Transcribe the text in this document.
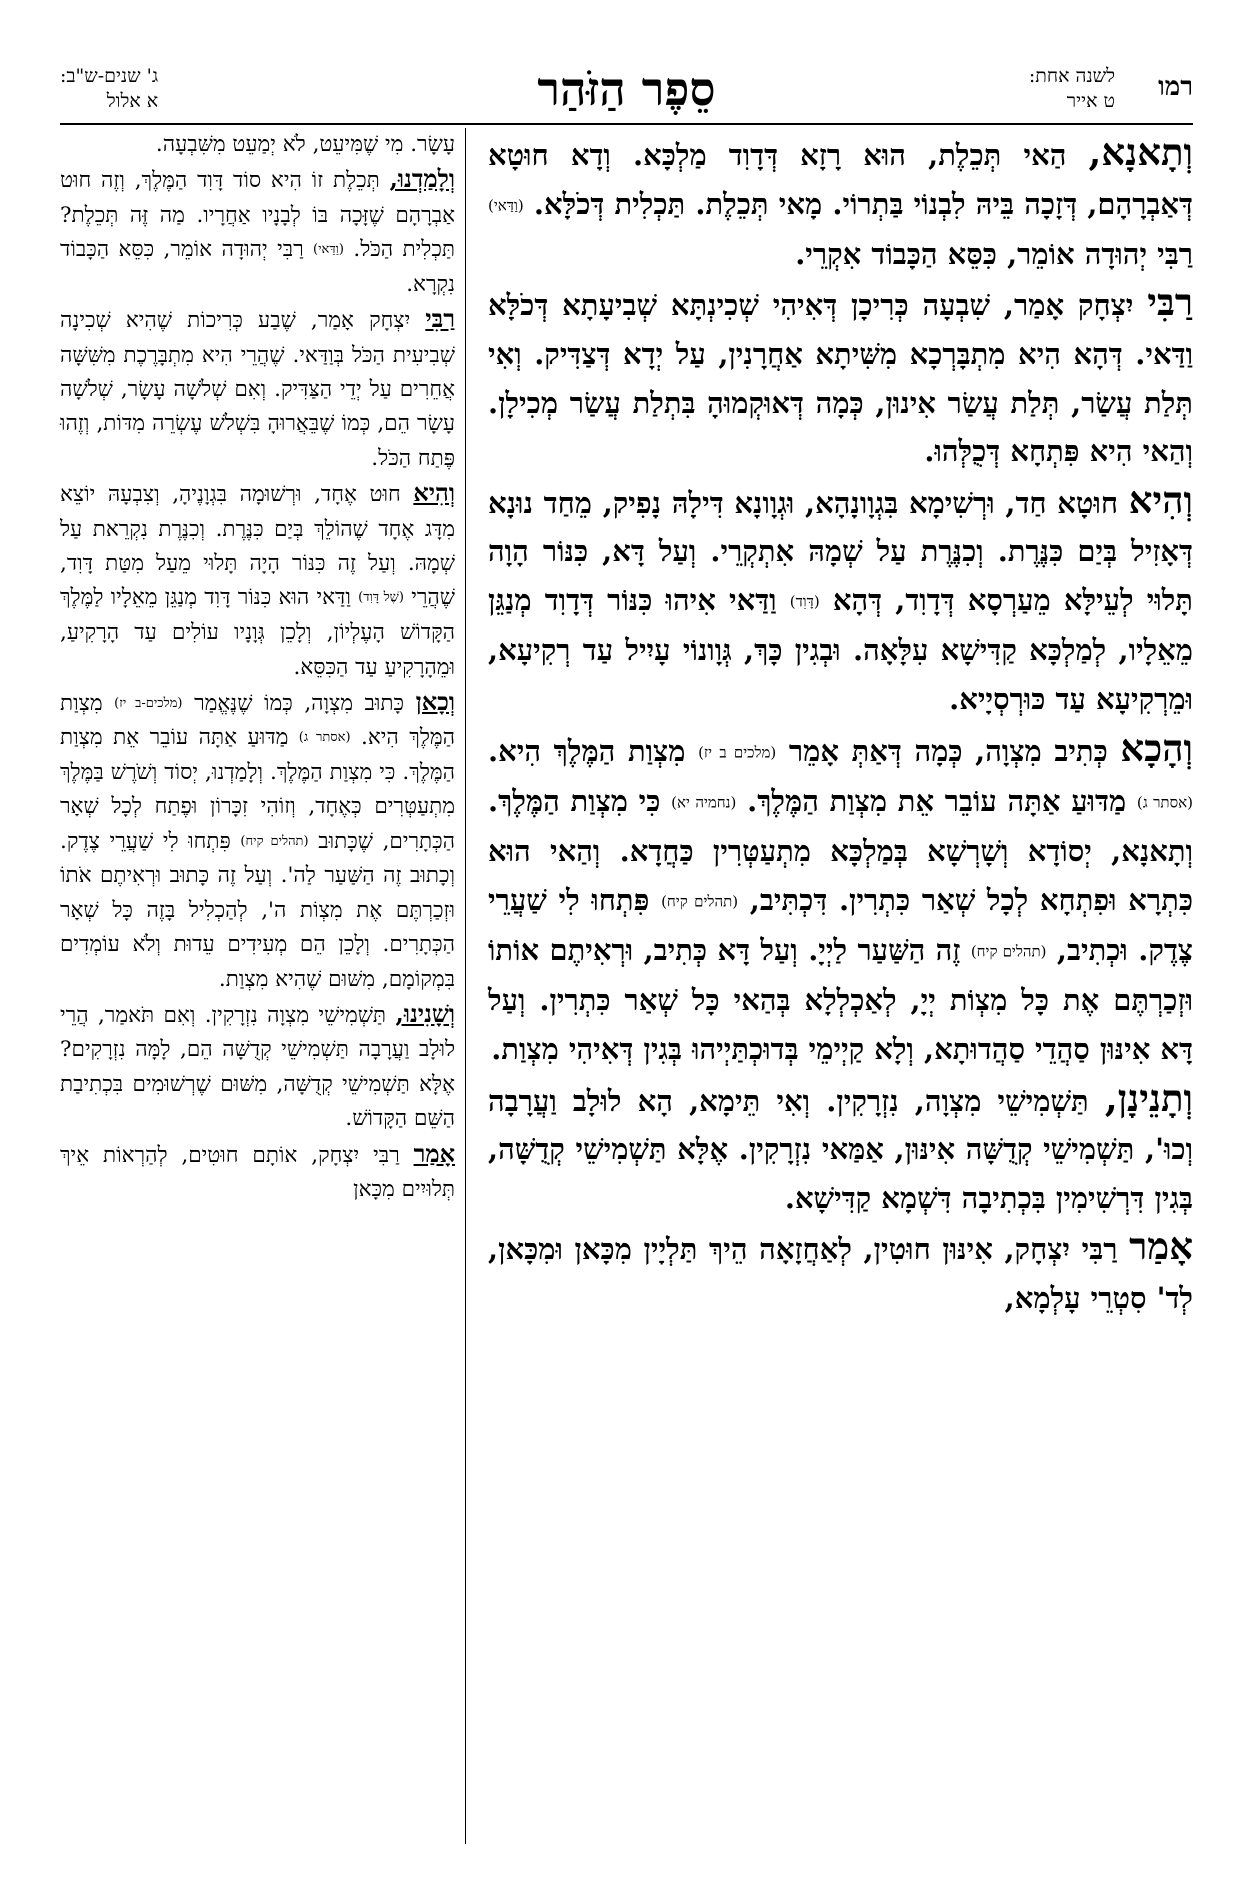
רמו
לשנה אחת:
ט אייר
סֵפֶר הַזֹּהַר
ג' שנים-ש"ב:
א אלול

וְתָאנָא, הַאי תְּכֵלֶת, הוּא רָזָא דְּדָוִד מַלְכָּא. וְדָא חוּטָא דְּאַבְרָהָם, דְּזָכָה בֵּיהּ לִבְנוֹי בַּתְרוֹי. מָאי תְּכֵלֶת. תַּכְלִית דְּכֹלָּא. (וַדַּאי) רַבִּי יְהוּדָה אוֹמֵר, כִּסֵּא הַכָּבוֹד אִקְרֵי.

רַבִּי יִצְחָק אָמַר, שִׁבְעָה כְּרִיכָן דְּאִיהִי שְׁכִינְתָּא שְׁבִיעָתָא דְּכֹלָּא וַדַּאי. דְּהָא הִיא מִתְבָּרְכָא מִשִּׁיתָא אַחֲרָנִין, עַל יְדָא דְּצַדִּיק. וְאִי תְּלַת עֲשַׂר, תְּלַת עֲשַׂר אִינוּן, כְּמָה דְּאוּקְמוּהָ בִּתְלַת עֲשַׂר מְכִילָן. וְהַאי הִיא פִּתְחָא דְּכֻלְּהוּ.

וְהִיא חוּטָא חַד, וּרְשִׁימָא בִּגְוָונָהָא, וּגְוָונָא דִּילָהּ נָפִיק, מֵחַד נוּנָא דְּאָזִיל בְּיַם כִּנֶּרֶת. וְכִנֶּרֶת עַל שְׁמָהּ אִתְקְרֵי. וְעַל דָּא, כִּנּוֹר הָוָה תָּלוּי לְעֵילָּא מֵעַרְסָא דְּדָוִד, דְּהָא (דָּוִד) וַדַּאי אִיהוּ כִּנּוֹר דְּדָוִד מְנַגֵּן מֵאֵלָיו, לְמַלְכָּא קַדִּישָׁא עִלָּאָה. וּבְגִין כָּךְ, גְּוָונוֹי עָיִיל עַד רְקִיעָא, וּמֵרְקִיעָא עַד כּוּרְסְיָיא.

וְהָכָא כְּתִיב מִצְוָה, כְּמָה דְּאַתְּ אָמֵר (מלכים ב יז) מִצְוַת הַמֶּלֶךְ הִיא. (אסתר ג) מַדּוּעַ אַתָּה עוֹבֵר אֵת מִצְוַת הַמֶּלֶךְ. (נחמיה יא) כִּי מִצְוַת הַמֶּלֶךְ. וְתָאנָא, יְסוֹדָא וְשָׁרְשָׁא בְּמַלְכָּא מִתְעַטְּרִין כַּחֲדָא. וְהַאי הוּא כִּתְרָא וּפִתְחָא לְכָל שְׁאַר כִּתְרִין. דִּכְתִּיב, (תהלים קיח) פִּתְחוּ לִי שַׁעֲרֵי צֶדֶק. וּכְתִיב, (תהלים קיח) זֶה הַשַּׁעַר לַיְיָ. וְעַל דָּא כְּתִיב, וּרְאִיתֶם אוֹתוֹ וּזְכַרְתֶּם אֶת כָּל מִצְוֹת יְיָ, לְאַכְלְלָא בְּהַאי כָּל שְׁאַר כִּתְרִין. וְעַל דָּא אִינּוּן סַהֲדֵי סַהֲדוּתָא, וְלָא קַיְימֵי בְּדוּכְתַּיְיהוּ בְּגִין דְּאִיהִי מִצְוַת.

וְתָנֵינָן, תַּשְׁמִישֵׁי מִצְוָה, נִזְרָקִין. וְאִי תֵּימָא, הָא לוּלָב וַעֲרָבָה וְכוּ', תַּשְׁמִישֵׁי קְדֻשָּׁה אִינּוּן, אַמַּאי נִזְרָקִין. אֶלָּא תַּשְׁמִישֵׁי קְדֻשָּׁה, בְּגִין דִּרְשִׁימִין בִּכְתִיבָה דִּשְׁמָא קַדִּישָׁא.

אָמַר רַבִּי יִצְחָק, אִינּוּן חוּטִין, לְאַחֲזָאָה הֵיךְ תַּלְיָין מִכָּאן וּמִכָּאן, לְד' סִטְרֵי עָלְמָא,

עָשָׂר. מִי שֶׁמִּיעֵט, לֹא יְמַעֵט מִשִּׁבְעָה.

וְלָמַדְנוּ, תְּכֵלֶת זוֹ הִיא סוֹד דָּוִד הַמֶּלֶךְ, וְזֶה חוּט אַבְרָהָם שֶׁזָּכָה בּוֹ לְבָנָיו אַחֲרָיו. מַה זֶּה תְּכֵלֶת? תַּכְלִית הַכֹּל. (וַדַּאי) רַבִּי יְהוּדָה אוֹמֵר, כִּסֵּא הַכָּבוֹד נִקְרָא.

רַבִּי יִצְחָק אָמַר, שֶׁבַע כְּרִיכוֹת שֶׁהִיא שְׁכִינָה שְׁבִיעִית הַכֹּל בְּוַדַּאי. שֶׁהֲרֵי הִיא מִתְבָּרֶכֶת מִשִּׁשָּׁה אֲחֵרִים עַל יְדֵי הַצַּדִּיק. וְאִם שְׁלֹשָׁה עָשָׂר, שְׁלֹשָׁה עָשָׂר הֵם, כְּמוֹ שֶׁבֵּאֲרוּהָ בִּשְׁלֹשׁ עֶשְׂרֵה מִדּוֹת, וְזֶהוּ פֶּתַח הַכֹּל.

וְהִיא חוּט אֶחָד, וּרְשׁוּמָה בִּגְוָנֶיהָ, וְצִבְעָהּ יוֹצֵא מִדָּג אֶחָד שֶׁהוֹלֵךְ בְּיַם כִּנֶּרֶת. וְכִנֶּרֶת נִקְרֵאת עַל שְׁמָהּ. וְעַל זֶה כִּנּוֹר הָיָה תָּלוּי מֵעַל מִטַּת דָּוִד, שֶׁהֲרֵי (שֶׁל דָּוִד) וַדַּאי הוּא כִּנּוֹר דָּוִד מְנַגֵּן מֵאֵלָיו לַמֶּלֶךְ הַקָּדוֹשׁ הָעֶלְיוֹן, וְלָכֵן גְּוָנָיו עוֹלִים עַד הָרָקִיעַ, וּמֵהָרָקִיעַ עַד הַכִּסֵּא.

וְכָאן כָּתוּב מִצְוָה, כְּמוֹ שֶׁנֶּאֱמַר (מלכים-ב יז) מִצְוַת הַמֶּלֶךְ הִיא. (אסתר ג) מַדּוּעַ אַתָּה עוֹבֵר אֵת מִצְוַת הַמֶּלֶךְ. כִּי מִצְוַת הַמֶּלֶךְ. וְלָמַדְנוּ, יְסוֹד וְשֹׁרֶשׁ בַּמֶּלֶךְ מִתְעַטְּרִים כְּאֶחָד, וְזוֹהִי זִכָּרוֹן וּפֶתַח לְכָל שְׁאָר הַכְּתָרִים, שֶׁכָּתוּב (תהלים קיח) פִּתְחוּ לִי שַׁעֲרֵי צֶדֶק. וְכָתוּב זֶה הַשַּׁעַר לַה'. וְעַל זֶה כָּתוּב וּרְאִיתֶם אֹתוֹ וּזְכַרְתֶּם אֶת מִצְוֹת ה', לְהַכְלִיל בָּזֶה כָּל שְׁאָר הַכְּתָרִים. וְלָכֵן הֵם מְעִידִים עֵדוּת וְלֹא עוֹמְדִים בִּמְקוֹמָם, מִשּׁוּם שֶׁהִיא מִצְוַת.

וְשָׁנִינוּ, תַּשְׁמִישֵׁי מִצְוָה נִזְרָקִין. וְאִם תֹּאמַר, הֲרֵי לוּלָב וַעֲרָבָה תַּשְׁמִישֵׁי קְדֻשָּׁה הֵם, לָמָּה נִזְרָקִים? אֶלָּא תַּשְׁמִישֵׁי קְדֻשָּׁה, מִשּׁוּם שֶׁרְשׁוּמִים בִּכְתִיבַת הַשֵּׁם הַקָּדוֹשׁ.

אָמַר רַבִּי יִצְחָק, אוֹתָם חוּטִים, לְהַרְאוֹת אֵיךְ תְּלוּיִים מִכָּאן
